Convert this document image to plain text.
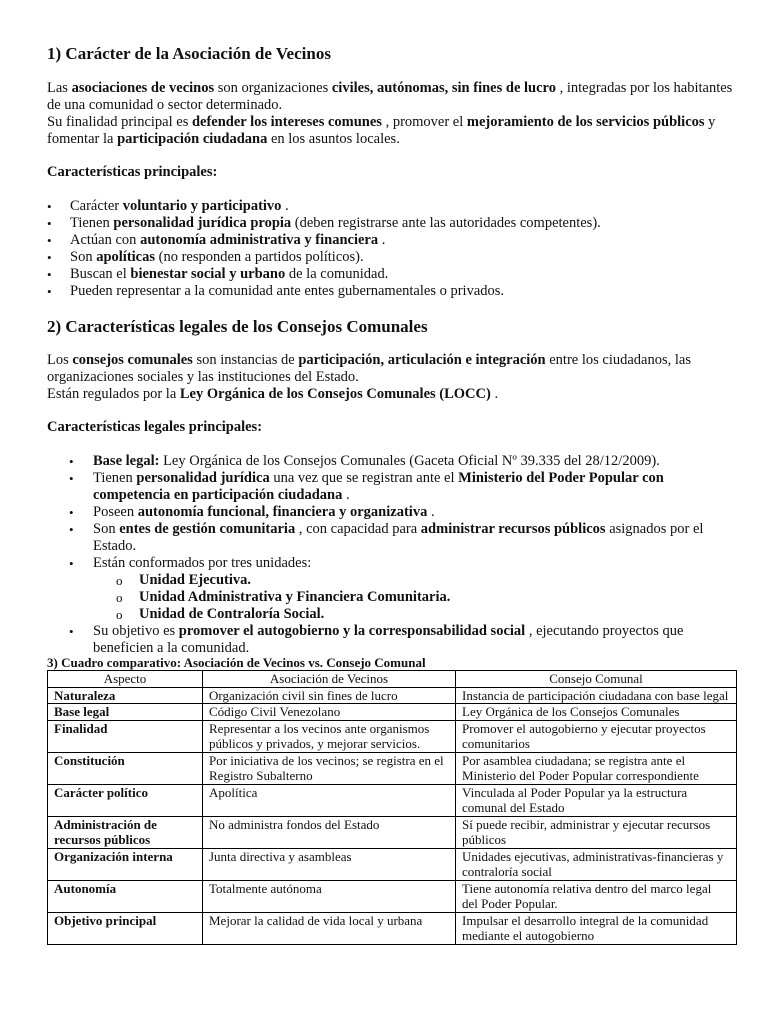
1) Carácter de la Asociación de Vecinos

Las asociaciones de vecinos son organizaciones civiles, autónomas, sin fines de lucro , integradas por los habitantes de una comunidad o sector determinado.

Su finalidad principal es defender los intereses comunes , promover el mejoramiento de los servicios públicos y fomentar la participación ciudadana en los asuntos locales.

Características principales:

• Carácter voluntario y participativo .
• Tienen personalidad jurídica propia (deben registrarse ante las autoridades competentes).
• Actúan con autonomía administrativa y financiera .
• Son apolíticas (no responden a partidos políticos).
• Buscan el bienestar social y urbano de la comunidad.
• Pueden representar a la comunidad ante entes gubernamentales o privados.
2) Características legales de los Consejos Comunales

Los consejos comunales son instancias de participación, articulación e integración entre los ciudadanos, las organizaciones sociales y las instituciones del Estado.

Están regulados por la Ley Orgánica de los Consejos Comunales (LOCC) .

Características legales principales:

• Base legal: Ley Orgánica de los Consejos Comunales (Gaceta Oficial Nº 39.335 del 28/12/2009).
• Tienen personalidad jurídica una vez que se registran ante el Ministerio del Poder Popular con competencia en participación ciudadana .
• Poseen autonomía funcional, financiera y organizativa .
• Son entes de gestión comunitaria , con capacidad para administrar recursos públicos asignados por el Estado.
• Están conformados por tres unidades:
o Unidad Ejecutiva.
o Unidad Administrativa y Financiera Comunitaria.
o Unidad de Contraloría Social.
• Su objetivo es promover el autogobierno y la corresponsabilidad social , ejecutando proyectos que beneficien a la comunidad.
3) Cuadro comparativo: Asociación de Vecinos vs. Consejo Comunal
Aspecto	Asociación de Vecinos	Consejo Comunal
Naturaleza	Organización civil sin fines de lucro	Instancia de participación ciudadana con base legal
Base legal	Código Civil Venezolano	Ley Orgánica de los Consejos Comunales
Finalidad	Representar a los vecinos ante organismos públicos y privados, y mejorar servicios.	Promover el autogobierno y ejecutar proyectos comunitarios
Constitución	Por iniciativa de los vecinos; se registra en el Registro Subalterno	Por asamblea ciudadana; se registra ante el Ministerio del Poder Popular correspondiente
Carácter político	Apolítica	Vinculada al Poder Popular ya la estructura comunal del Estado
Administración de recursos públicos	No administra fondos del Estado	Sí puede recibir, administrar y ejecutar recursos públicos
Organización interna	Junta directiva y asambleas	Unidades ejecutivas, administrativas-financieras y contraloría social
Autonomía	Totalmente autónoma	Tiene autonomía relativa dentro del marco legal del Poder Popular.
Objetivo principal	Mejorar la calidad de vida local y urbana	Impulsar el desarrollo integral de la comunidad mediante el autogobierno
